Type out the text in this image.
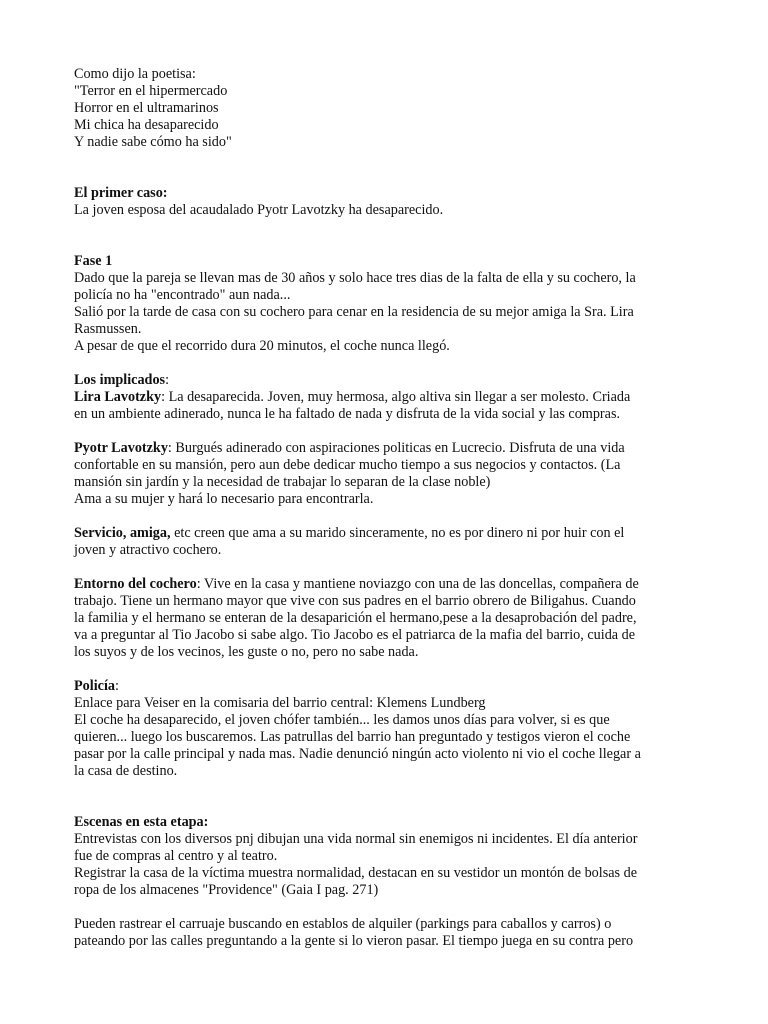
Como dijo la poetisa:
"Terror en el hipermercado
Horror en el ultramarinos
Mi chica ha desaparecido
Y nadie sabe cómo ha sido"
El primer caso:
La joven esposa del acaudalado Pyotr Lavotzky ha desaparecido.
Fase 1
Dado que la pareja se llevan mas de 30 años y solo hace tres dias de la falta de ella y su cochero, la
policía no ha "encontrado" aun nada...
Salió por la tarde de casa con su cochero para cenar en la residencia de su mejor amiga la Sra. Lira
Rasmussen.
A pesar de que el recorrido dura 20 minutos, el coche nunca llegó.
Los implicados:
Lira Lavotzky: La desaparecida. Joven, muy hermosa, algo altiva sin llegar a ser molesto. Criada
en un ambiente adinerado, nunca le ha faltado de nada y disfruta de la vida social y las compras.
Pyotr Lavotzky: Burgués adinerado con aspiraciones politicas en Lucrecio. Disfruta de una vida
confortable en su mansión, pero aun debe dedicar mucho tiempo a sus negocios y contactos. (La
mansión sin jardín y la necesidad de trabajar lo separan de la clase noble)
Ama a su mujer y hará lo necesario para encontrarla.
Servicio, amiga, etc creen que ama a su marido sinceramente, no es por dinero ni por huir con el
joven y atractivo cochero.
Entorno del cochero: Vive en la casa y mantiene noviazgo con una de las doncellas, compañera de
trabajo. Tiene un hermano mayor que vive con sus padres en el barrio obrero de Biligahus. Cuando
la familia y el hermano se enteran de la desaparición el hermano,pese a la desaprobación del padre,
va a preguntar al Tio Jacobo si sabe algo. Tio Jacobo es el patriarca de la mafia del barrio, cuida de
los suyos y de los vecinos, les guste o no, pero no sabe nada.
Policía:
Enlace para Veiser en la comisaria del barrio central: Klemens Lundberg
El coche ha desaparecido, el joven chófer también... les damos unos días para volver, si es que
quieren... luego los buscaremos. Las patrullas del barrio han preguntado y testigos vieron el coche
pasar por la calle principal y nada mas. Nadie denunció ningún acto violento ni vio el coche llegar a
la casa de destino.
Escenas en esta etapa:
Entrevistas con los diversos pnj dibujan una vida normal sin enemigos ni incidentes. El día anterior
fue de compras al centro y al teatro.
Registrar la casa de la víctima muestra normalidad, destacan en su vestidor un montón de bolsas de
ropa de los almacenes "Providence" (Gaia I pag. 271)
Pueden rastrear el carruaje buscando en establos de alquiler (parkings para caballos y carros) o
pateando por las calles preguntando a la gente si lo vieron pasar. El tiempo juega en su contra pero
